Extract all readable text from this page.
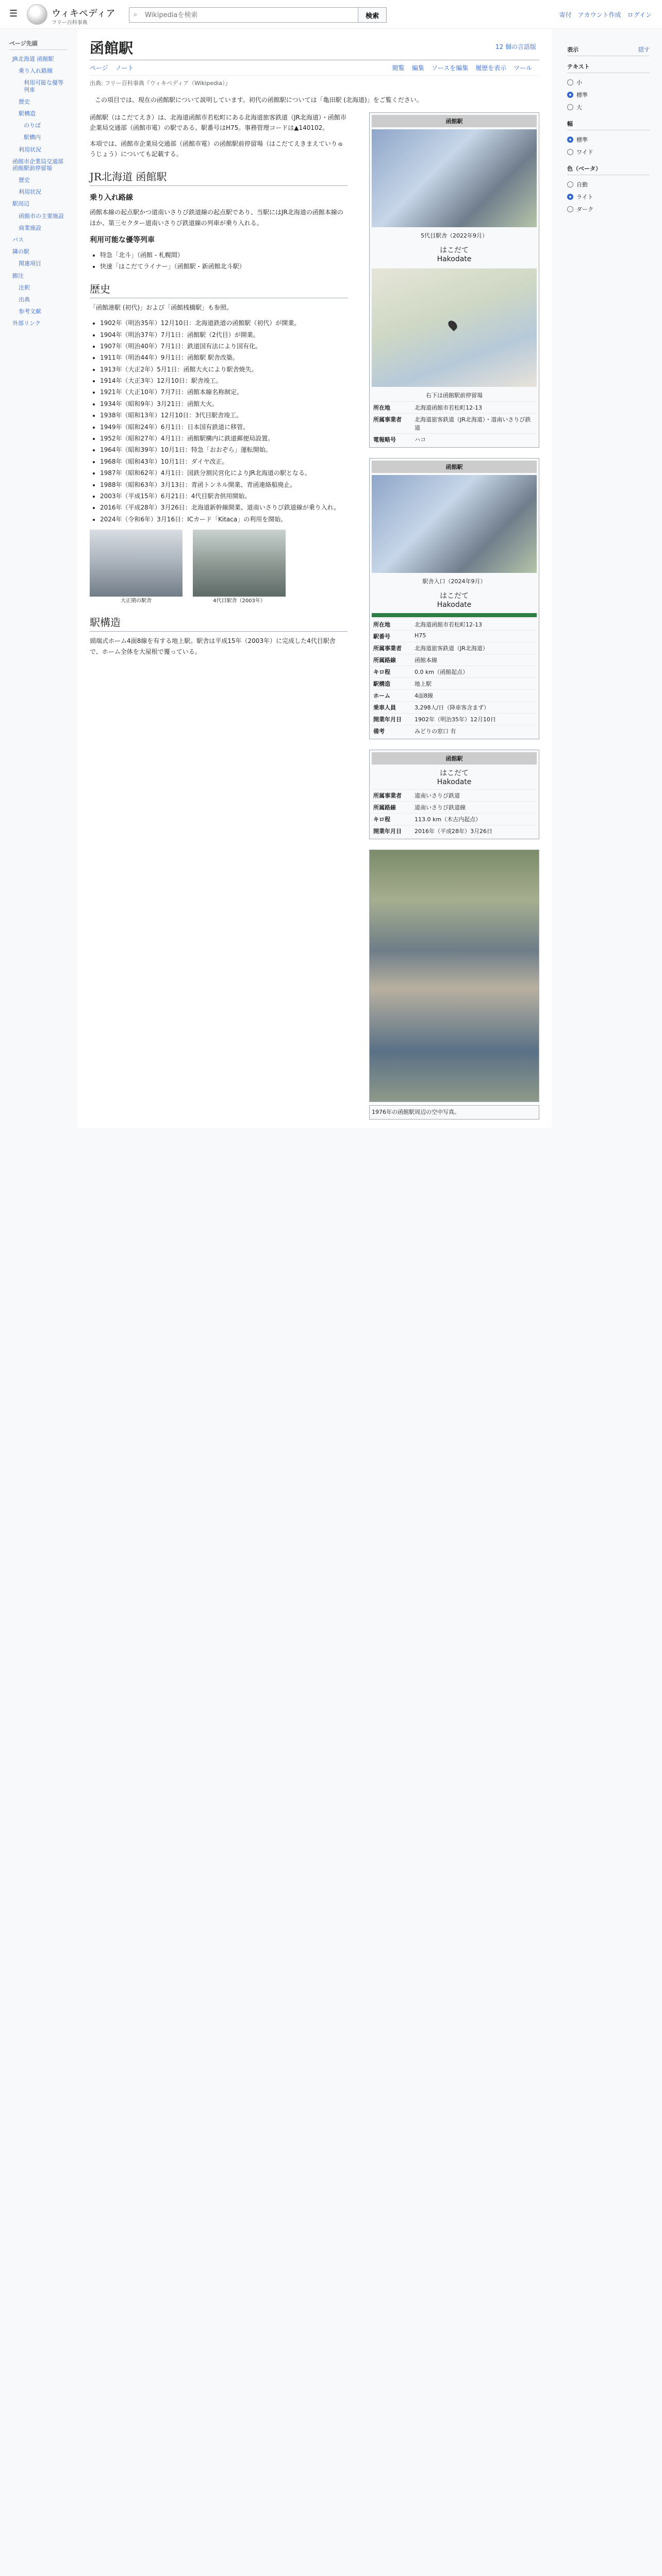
☰	ウィキペディア
フリー百科事典
⌕
Wikipediaを検索	検索	寄付 アカウント作成 ログイン
ページ先頭
JR北海道 函館駅
乗り入れ路線
利用可能な優等列車
歴史
駅構造
のりば
駅構内
利用状況
函館市企業局交通部 函館駅前停留場
歴史
利用状況
駅周辺
函館市の主要施設
商業施設
バス
隣の駅
関連項目
脚注
注釈
出典
参考文献
外部リンク
函館駅	12 個の言語版
ページ ノート	閲覧 編集 ソースを編集 履歴を表示 ツール
出典: フリー百科事典『ウィキペディア（Wikipedia）』
この項目では、現在の函館駅について説明しています。初代の函館駅については「亀田駅 (北海道)」をご覧ください。

函館駅（はこだてえき）は、北海道函館市若松町にある北海道旅客鉄道（JR北海道）・函館市企業局交通部（函館市電）の駅である。駅番号はH75。事務管理コードは▲140102。

本項では、函館市企業局交通部（函館市電）の函館駅前停留場（はこだてえきまえていりゅうじょう）についても記載する。

JR北海道 函館駅
乗り入れ路線

函館本線の起点駅かつ道南いさりび鉄道線の起点駅であり、当駅にはJR北海道の函館本線のほか、第三セクター道南いさりび鉄道線の列車が乗り入れる。

利用可能な優等列車
• 特急「北斗」（函館 - 札幌間）
• 快速「はこだてライナー」（函館駅 - 新函館北斗駅）
歴史

「函館港駅 (初代)」および「函館桟橋駅」も参照。

• 1902年（明治35年）12月10日：北海道鉄道の函館駅（初代）が開業。
• 1904年（明治37年）7月1日：函館駅（2代目）が開業。
• 1907年（明治40年）7月1日：鉄道国有法により国有化。
• 1911年（明治44年）9月1日：函館駅 駅舎改築。
• 1913年（大正2年）5月1日：函館大火により駅舎焼失。
• 1914年（大正3年）12月10日：駅舎竣工。
• 1921年（大正10年）7月7日：函館本線名称制定。
• 1934年（昭和9年）3月21日：函館大火。
• 1938年（昭和13年）12月10日：3代目駅舎竣工。
• 1949年（昭和24年）6月1日：日本国有鉄道に移管。
• 1952年（昭和27年）4月1日：函館駅構内に鉄道郵便局設置。
• 1964年（昭和39年）10月1日：特急「おおぞら」運転開始。
• 1968年（昭和43年）10月1日：ダイヤ改正。
• 1987年（昭和62年）4月1日：国鉄分割民営化によりJR北海道の駅となる。
• 1988年（昭和63年）3月13日：青函トンネル開業、青函連絡船廃止。
• 2003年（平成15年）6月21日：4代目駅舎供用開始。
• 2016年（平成28年）3月26日：北海道新幹線開業、道南いさりび鉄道線が乗り入れ。
• 2024年（令和6年）3月16日：ICカード「Kitaca」の利用を開始。
大正期の駅舎	4代目駅舎（2003年）
駅構造

頭端式ホーム4面8線を有する地上駅。駅舎は平成15年（2003年）に完成した4代目駅舎で、ホーム全体を大屋根で覆っている。

函館駅
5代目駅舎（2022年9月）
はこだて
Hakodate
右下は函館駅前停留場
所在地	北海道函館市若松町12-13
所属事業者	北海道旅客鉄道（JR北海道）・道南いさりび鉄道
電報略号	ハコ
函館駅
駅舎入口（2024年9月）
はこだて
Hakodate
所在地	北海道函館市若松町12-13
駅番号	H75
所属事業者	北海道旅客鉄道（JR北海道）
所属路線	函館本線
キロ程	0.0 km（函館起点）
駅構造	地上駅
ホーム	4面8線
乗車人員	3,298人/日（降車客含まず）
開業年月日	1902年（明治35年）12月10日
備考	みどりの窓口 有
函館駅
はこだて
Hakodate
所属事業者	道南いさりび鉄道
所属路線	道南いさりび鉄道線
キロ程	113.0 km（木古内起点）
開業年月日	2016年（平成28年）3月26日
1976年の函館駅周辺の空中写真。
隠す
表示
テキスト
小
標準
大
幅
標準
ワイド
色（ベータ）
自動
ライト
ダーク
